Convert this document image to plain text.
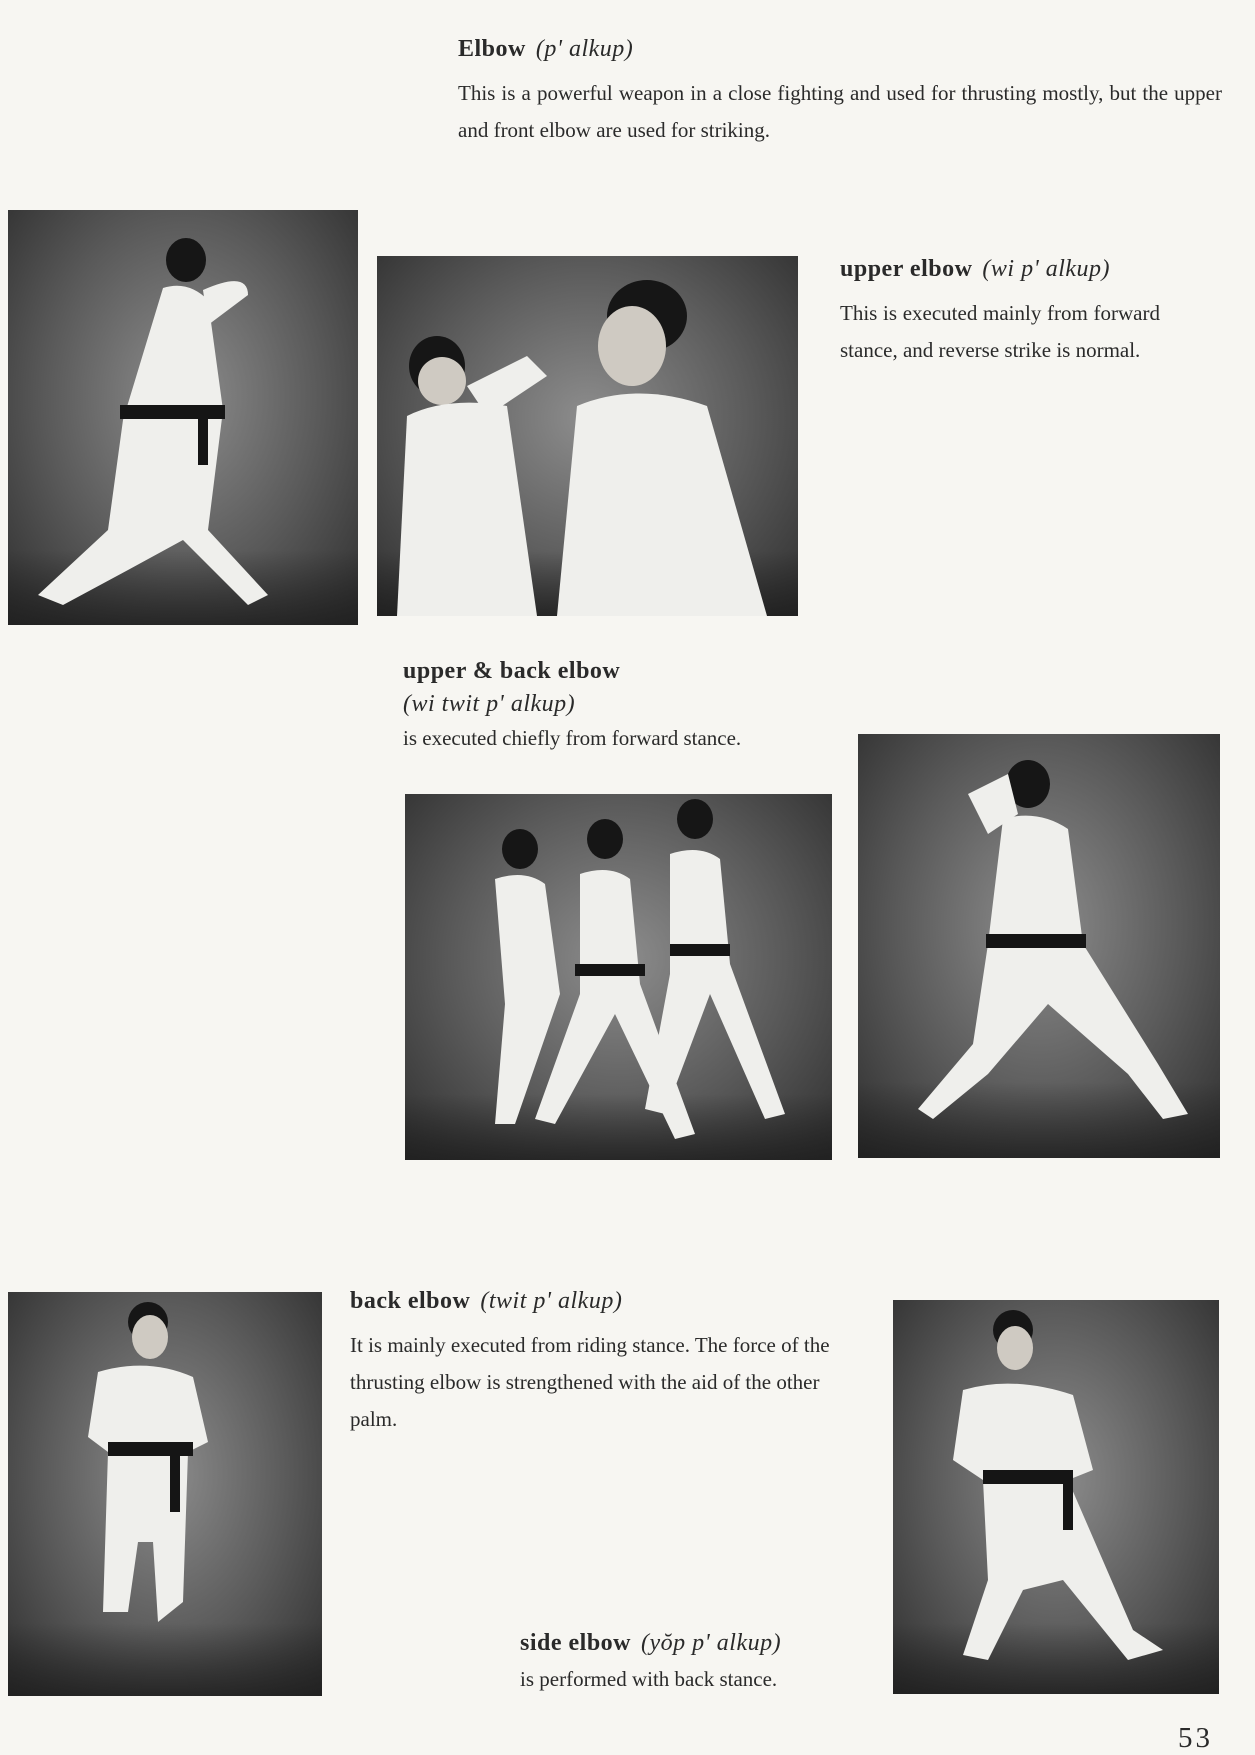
Elbow (p' alkup)
This is a powerful weapon in a close fighting and used for thrusting mostly, but the upper and front elbow are used for striking.
upper elbow (wi p' alkup)
This is executed mainly from forward stance, and reverse strike is normal.
upper & back elbow
(wi twit p' alkup)
is executed chiefly from forward stance.
back elbow (twit p' alkup)
It is mainly executed from riding stance. The force of the thrusting elbow is strengthened with the aid of the other palm.
side elbow (yŏp p' alkup)
is performed with back stance.
53
